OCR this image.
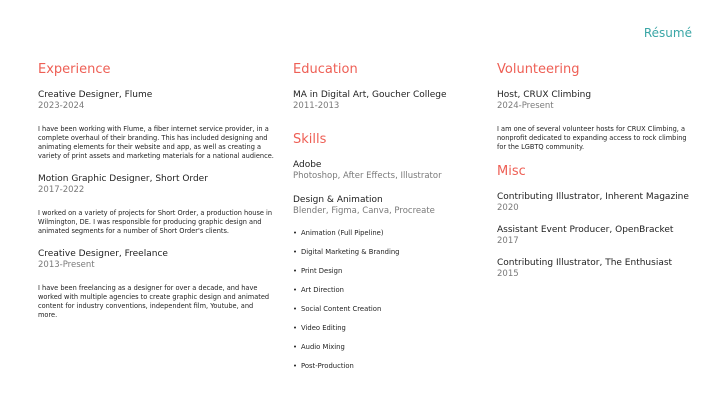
Résumé
Experience
Creative Designer, Flume
2023-2024
I have been working with Flume, a fiber internet service provider, in a complete overhaul of their branding. This has included designing and animating elements for their website and app, as well as creating a variety of print assets and marketing materials for a national audience.
Motion Graphic Designer, Short Order
2017-2022
I worked on a variety of projects for Short Order, a production house in Wilmington, DE. I was responsible for producing graphic design and animated segments for a number of Short Order's clients.
Creative Designer, Freelance
2013-Present
I have been freelancing as a designer for over a decade, and have worked with multiple agencies to create graphic design and animated content for industry conventions, independent film, Youtube, and more.
Education
MA in Digital Art, Goucher College
2011-2013
Skills
Adobe
Photoshop, After Effects, Illustrator
Design & Animation
Blender, Figma, Canva, Procreate
• Animation (Full Pipeline)
• Digital Marketing & Branding
• Print Design
• Art Direction
• Social Content Creation
• Video Editing
• Audio Mixing
• Post-Production
Volunteering
Host, CRUX Climbing
2024-Present
I am one of several volunteer hosts for CRUX Climbing, a nonprofit dedicated to expanding access to rock climbing for the LGBTQ community.
Misc
Contributing Illustrator, Inherent Magazine
2020
Assistant Event Producer, OpenBracket
2017
Contributing Illustrator, The Enthusiast
2015
